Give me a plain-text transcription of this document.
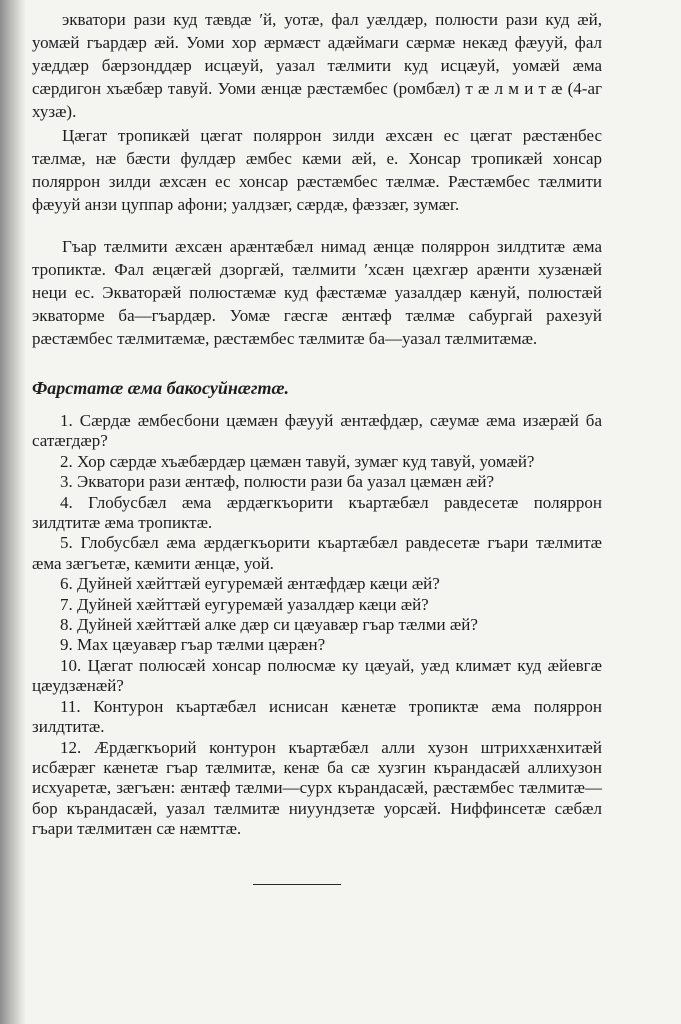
экватори рази куд тæвдæ ʹй, уотæ, фал уæлдæр, полюсти рази куд æй, уомæй гъардæр æй. Уоми хор æрмæст адæймаги сæрмæ некæд фæууй, фал уæддæр бæрзонддæр исцæуй, уазал тæлмити куд исцæуй, уомæй æма сæрдигон хъæбæр тавуй. Уоми æнцæ рæстæмбес (ромбæл) т æ л м и т æ (4-аг хузæ).

Цæгат тропикæй цæгат поляррон зилди æхсæн ес цæгат рæстæнбес тæлмæ, нæ бæсти фулдæр æмбес кæми æй, е. Хонсар тропикæй хонсар поляррон зилди æхсæн ес хонсар рæстæмбес тæлмæ. Рæстæмбес тæлмити фæууй анзи цуппар афони; уалдзæг, сæрдæ, фæззæг, зумæг.

Гъар тæлмити æхсæн арæнтæбæл нимад æнцæ поляррон зилдтитæ æма тропиктæ. Фал æцæгæй дзоргæй, тæлмити ʹхсæн цæхгæр арæнти хузæнæй неци ес. Экваторæй полюстæмæ куд фæстæмæ уазалдæр кæнуй, полюстæй экваторме ба—гъардæр. Уомæ гæсгæ æнтæф тæлмæ сабургай рахезуй рæстæмбес тæлмитæмæ, рæстæмбес тæлмитæ ба—уазал тæлмитæмæ.

Фарстатæ æма бакосуйнæгтæ.
1. Сæрдæ æмбесбони цæмæн фæууй æнтæфдæр, сæумæ æма изæрæй ба сатæгдæр?
2. Хор сæрдæ хъæбæрдæр цæмæн тавуй, зумæг куд тавуй, уомæй?
3. Экватори рази æнтæф, полюсти рази ба уазал цæмæн æй?
4. Глобусбæл æма æрдæгкъорити къартæбæл равдесетæ поляррон зилдтитæ æма тропиктæ.
5. Глобусбæл æма æрдæгкъорити къартæбæл равдесетæ гъари тæлмитæ æма зæгъетæ, кæмити æнцæ, уой.
6. Дуйней хæйттæй еугуремæй æнтæфдæр кæци æй?
7. Дуйней хæйттæй еугуремæй уазалдæр кæци æй?
8. Дуйней хæйттæй алке дæр си цæуавæр гъар тæлми æй?
9. Мах цæуавæр гъар тæлми цæрæн?
10. Цæгат полюсæй хонсар полюсмæ ку цæуай, уæд климæт куд æйевгæ цæудзæнæй?
11. Контурон къартæбæл иснисан кæнетæ тропиктæ æма поляррон зилдтитæ.
12. Æрдæгкъорий контурон къартæбæл алли хузон штриххæнхитæй исбæрæг кæнетæ гъар тæлмитæ, кенæ ба сæ хузгин кърандасæй аллихузон исхуаретæ, зæгъæн: æнтæф тæлми—сурх кърандасæй, рæстæмбес тæлмитæ—бор кърандасæй, уазал тæлмитæ ниуундзетæ уорсæй. Ниффинсетæ сæбæл гъари тæлмитæн сæ нæмттæ.
